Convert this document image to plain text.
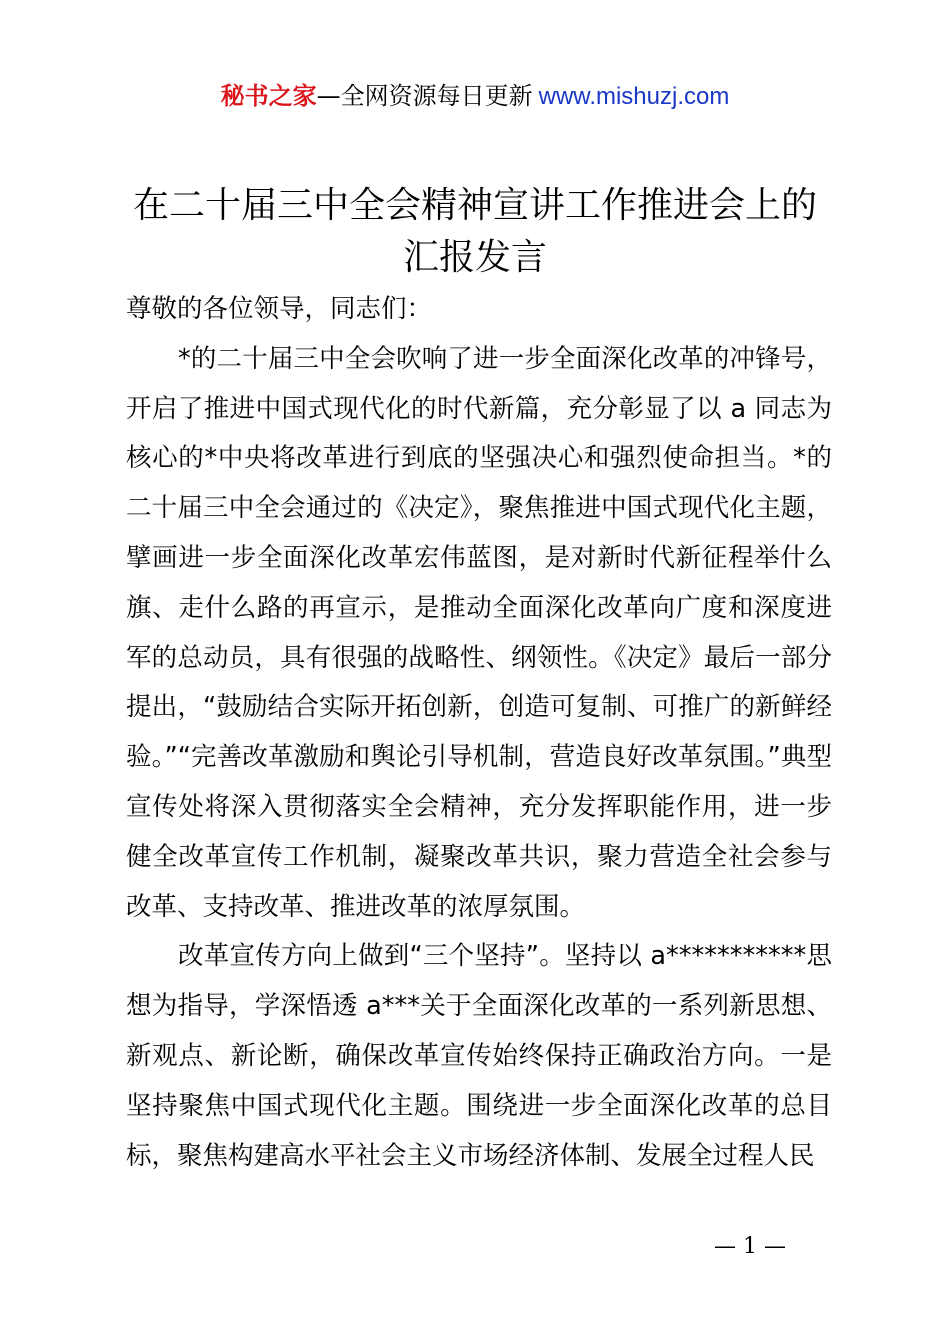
秘书之家—全网资源每日更新 www.mishuzj.com
在二十届三中全会精神宣讲工作推进会上的
汇报发言

尊敬的各位领导，同志们：

*的二十届三中全会吹响了进一步全面深化改革的冲锋号，开启了推进中国式现代化的时代新篇，充分彰显了以 a 同志为核心的*中央将改革进行到底的坚强决心和强烈使命担当。*的二十届三中全会通过的《决定》，聚焦推进中国式现代化主题，擘画进一步全面深化改革宏伟蓝图，是对新时代新征程举什么旗、走什么路的再宣示，是推动全面深化改革向广度和深度进军的总动员，具有很强的战略性、纲领性。《决定》最后一部分提出，“鼓励结合实际开拓创新，创造可复制、可推广的新鲜经验。”“完善改革激励和舆论引导机制，营造良好改革氛围。”典型宣传处将深入贯彻落实全会精神，充分发挥职能作用，进一步健全改革宣传工作机制，凝聚改革共识，聚力营造全社会参与改革、支持改革、推进改革的浓厚氛围。

改革宣传方向上做到“三个坚持”。坚持以 a***********思想为指导，学深悟透 a***关于全面深化改革的一系列新思想、新观点、新论断，确保改革宣传始终保持正确政治方向。一是坚持聚焦中国式现代化主题。围绕进一步全面深化改革的总目标，聚焦构建高水平社会主义市场经济体制、发展全过程人民

— 1 —
